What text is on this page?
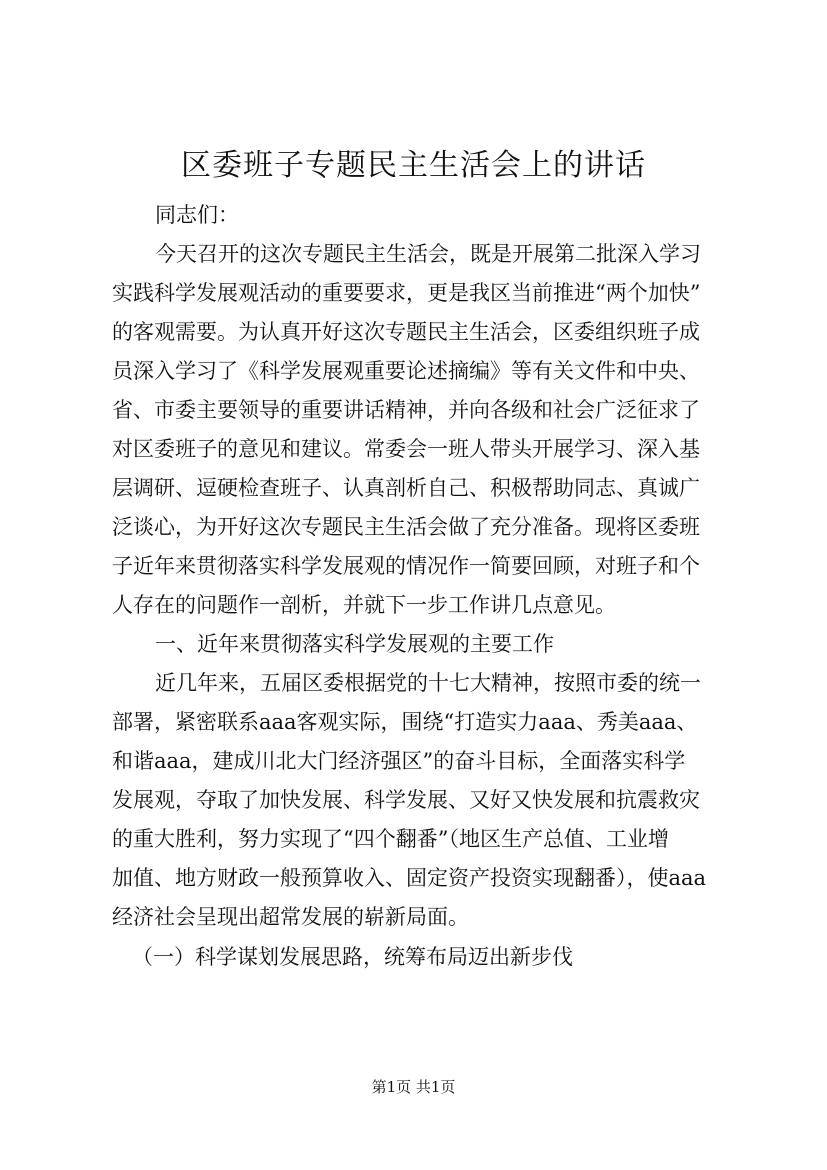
区委班子专题民主生活会上的讲话
同志们：
今天召开的这次专题民主生活会，既是开展第二批深入学习
实践科学发展观活动的重要要求，更是我区当前推进“两个加快”
的客观需要。为认真开好这次专题民主生活会，区委组织班子成
员深入学习了《科学发展观重要论述摘编》等有关文件和中央、
省、市委主要领导的重要讲话精神，并向各级和社会广泛征求了
对区委班子的意见和建议。常委会一班人带头开展学习、深入基
层调研、逗硬检查班子、认真剖析自己、积极帮助同志、真诚广
泛谈心，为开好这次专题民主生活会做了充分准备。现将区委班
子近年来贯彻落实科学发展观的情况作一简要回顾，对班子和个
人存在的问题作一剖析，并就下一步工作讲几点意见。
一、近年来贯彻落实科学发展观的主要工作
近几年来，五届区委根据党的十七大精神，按照市委的统一
部署，紧密联系aaa客观实际，围绕“打造实力aaa、秀美aaa、
和谐aaa，建成川北大门经济强区”的奋斗目标，全面落实科学
发展观，夺取了加快发展、科学发展、又好又快发展和抗震救灾
的重大胜利，努力实现了“四个翻番”（地区生产总值、工业增
加值、地方财政一般预算收入、固定资产投资实现翻番），使aaa
经济社会呈现出超常发展的崭新局面。
（一）科学谋划发展思路，统筹布局迈出新步伐
第1页 共1页
